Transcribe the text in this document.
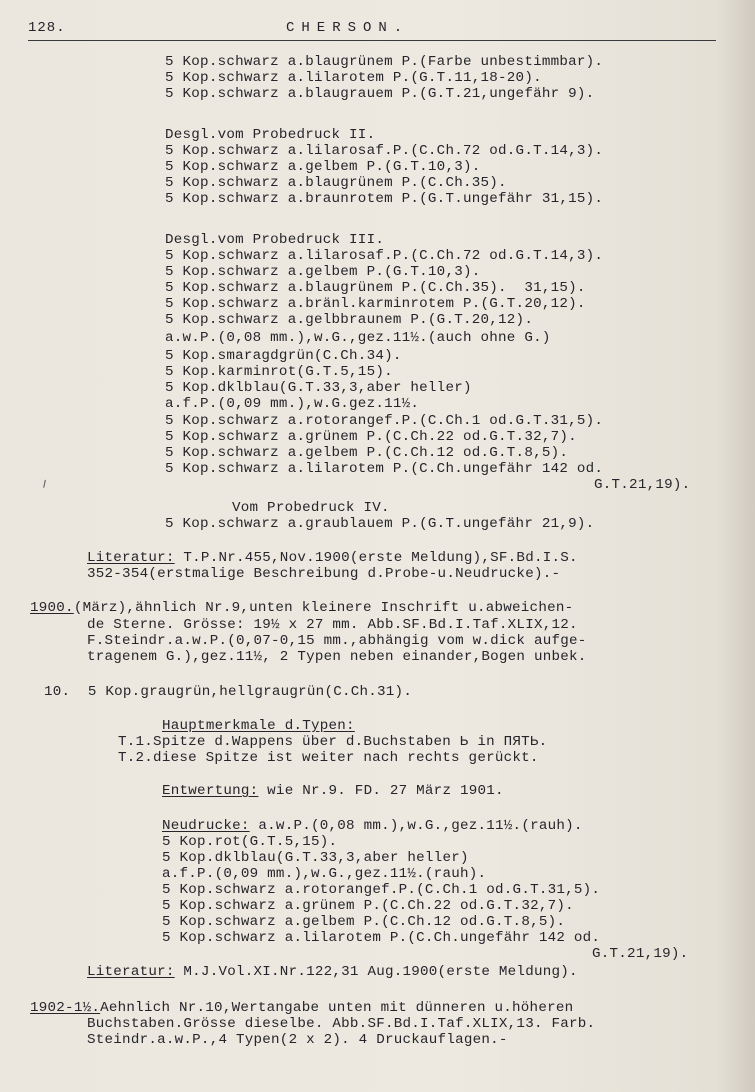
128.	CHERSON.
5 Kop.schwarz a.blaugrünem P.(Farbe unbestimmbar).
5 Kop.schwarz a.lilarotem P.(G.T.11,18-20).
5 Kop.schwarz a.blaugrauem P.(G.T.21,ungefähr 9).
Desgl.vom Probedruck II.
5 Kop.schwarz a.lilarosaf.P.(C.Ch.72 od.G.T.14,3).
5 Kop.schwarz a.gelbem P.(G.T.10,3).
5 Kop.schwarz a.blaugrünem P.(C.Ch.35).
5 Kop.schwarz a.braunrotem P.(G.T.ungefähr 31,15).
Desgl.vom Probedruck III.
5 Kop.schwarz a.lilarosaf.P.(C.Ch.72 od.G.T.14,3).
5 Kop.schwarz a.gelbem P.(G.T.10,3).
5 Kop.schwarz a.blaugrünem P.(C.Ch.35).  31,15).
5 Kop.schwarz a.bränl.karminrotem P.(G.T.20,12).
5 Kop.schwarz a.gelbbraunem P.(G.T.20,12).
a.w.P.(0,08 mm.),w.G.,gez.11½.(auch ohne G.)
5 Kop.smaragdgrün(C.Ch.34).
5 Kop.karminrot(G.T.5,15).
5 Kop.dklblau(G.T.33,3,aber heller)
a.f.P.(0,09 mm.),w.G.gez.11½.
5 Kop.schwarz a.rotorangef.P.(C.Ch.1 od.G.T.31,5).
5 Kop.schwarz a.grünem P.(C.Ch.22 od.G.T.32,7).
5 Kop.schwarz a.gelbem P.(C.Ch.12 od.G.T.8,5).
5 Kop.schwarz a.lilarotem P.(C.Ch.ungefähr 142 od.
G.T.21,19).
Vom Probedruck IV.
5 Kop.schwarz a.graublauem P.(G.T.ungefähr 21,9).
Literatur: T.P.Nr.455,Nov.1900(erste Meldung),SF.Bd.I.S.
352-354(erstmalige Beschreibung d.Probe-u.Neudrucke).-
1900.(März),ähnlich Nr.9,unten kleinere Inschrift u.abweichen-
de Sterne. Grösse: 19½ x 27 mm. Abb.SF.Bd.I.Taf.XLIX,12.
F.Steindr.a.w.P.(0,07-0,15 mm.,abhängig vom w.dick aufge-
tragenem G.),gez.11½, 2 Typen neben einander,Bogen unbek.
10.  5 Kop.graugrün,hellgraugrün(C.Ch.31).
Hauptmerkmale d.Typen:
T.1.Spitze d.Wappens über d.Buchstaben Ь in ПЯТЬ.
T.2.diese Spitze ist weiter nach rechts gerückt.
Entwertung: wie Nr.9. FD. 27 März 1901.
Neudrucke: a.w.P.(0,08 mm.),w.G.,gez.11½.(rauh).
5 Kop.rot(G.T.5,15).
5 Kop.dklblau(G.T.33,3,aber heller)
a.f.P.(0,09 mm.),w.G.,gez.11½.(rauh).
5 Kop.schwarz a.rotorangef.P.(C.Ch.1 od.G.T.31,5).
5 Kop.schwarz a.grünem P.(C.Ch.22 od.G.T.32,7).
5 Kop.schwarz a.gelbem P.(C.Ch.12 od.G.T.8,5).
5 Kop.schwarz a.lilarotem P.(C.Ch.ungefähr 142 od.
G.T.21,19).
Literatur: M.J.Vol.XI.Nr.122,31 Aug.1900(erste Meldung).
1902-1½.Aehnlich Nr.10,Wertangabe unten mit dünneren u.höheren
Buchstaben.Grösse dieselbe. Abb.SF.Bd.I.Taf.XLIX,13. Farb.
Steindr.a.w.P.,4 Typen(2 x 2). 4 Druckauflagen.-
